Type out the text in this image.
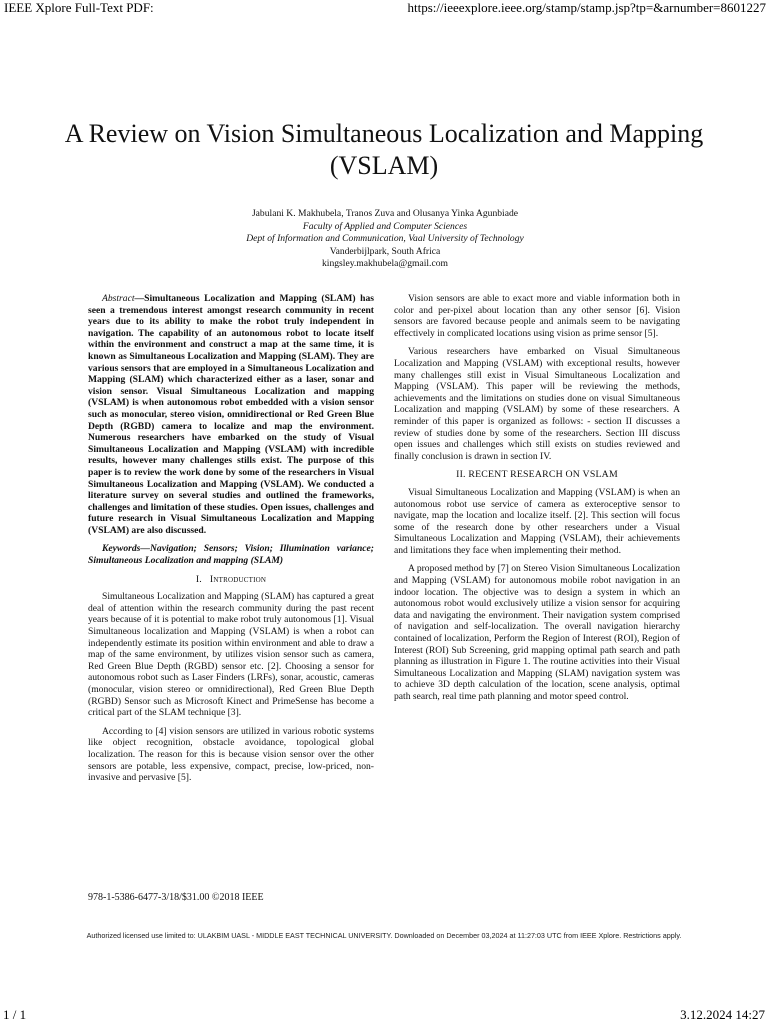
IEEE Xplore Full-Text PDF:	https://ieeexplore.ieee.org/stamp/stamp.jsp?tp=&arnumber=8601227
A Review on Vision Simultaneous Localization and Mapping (VSLAM)
Jabulani K. Makhubela, Tranos Zuva and Olusanya Yinka Agunbiade
Faculty of Applied and Computer Sciences
Dept of Information and Communication, Vaal University of Technology
Vanderbijlpark, South Africa
kingsley.makhubela@gmail.com

Abstract—Simultaneous Localization and Mapping (SLAM) has seen a tremendous interest amongst research community in recent years due to its ability to make the robot truly independent in navigation. The capability of an autonomous robot to locate itself within the environment and construct a map at the same time, it is known as Simultaneous Localization and Mapping (SLAM). They are various sensors that are employed in a Simultaneous Localization and Mapping (SLAM) which characterized either as a laser, sonar and vision sensor. Visual Simultaneous Localization and mapping (VSLAM) is when autonomous robot embedded with a vision sensor such as monocular, stereo vision, omnidirectional or Red Green Blue Depth (RGBD) camera to localize and map the environment. Numerous researchers have embarked on the study of Visual Simultaneous Localization and Mapping (VSLAM) with incredible results, however many challenges stills exist. The purpose of this paper is to review the work done by some of the researchers in Visual Simultaneous Localization and Mapping (VSLAM). We conducted a literature survey on several studies and outlined the frameworks, challenges and limitation of these studies. Open issues, challenges and future research in Visual Simultaneous Localization and Mapping (VSLAM) are also discussed.

Keywords—Navigation; Sensors; Vision; Illumination variance; Simultaneous Localization and mapping (SLAM)

I. Introduction

Simultaneous Localization and Mapping (SLAM) has captured a great deal of attention within the research community during the past recent years because of it is potential to make robot truly autonomous [1]. Visual Simultaneous localization and Mapping (VSLAM) is when a robot can independently estimate its position within environment and able to draw a map of the same environment, by utilizes vision sensor such as camera, Red Green Blue Depth (RGBD) sensor etc. [2]. Choosing a sensor for autonomous robot such as Laser Finders (LRFs), sonar, acoustic, cameras (monocular, vision stereo or omnidirectional), Red Green Blue Depth (RGBD) Sensor such as Microsoft Kinect and PrimeSense has become a critical part of the SLAM technique [3].

According to [4] vision sensors are utilized in various robotic systems like object recognition, obstacle avoidance, topological global localization. The reason for this is because vision sensor over the other sensors are potable, less expensive, compact, precise, low-priced, non-invasive and pervasive [5].

Vision sensors are able to exact more and viable information both in color and per-pixel about location than any other sensor [6]. Vision sensors are favored because people and animals seem to be navigating effectively in complicated locations using vision as prime sensor [5].

Various researchers have embarked on Visual Simultaneous Localization and Mapping (VSLAM) with exceptional results, however many challenges still exist in Visual Simultaneous Localization and Mapping (VSLAM). This paper will be reviewing the methods, achievements and the limitations on studies done on visual Simultaneous Localization and mapping (VSLAM) by some of these researchers. A reminder of this paper is organized as follows: - section II discusses a review of studies done by some of the researchers. Section III discuss open issues and challenges which still exists on studies reviewed and finally conclusion is drawn in section IV.

II. RECENT RESEARCH ON VSLAM

Visual Simultaneous Localization and Mapping (VSLAM) is when an autonomous robot use service of camera as exteroceptive sensor to navigate, map the location and localize itself. [2]. This section will focus some of the research done by other researchers under a Visual Simultaneous Localization and Mapping (VSLAM), their achievements and limitations they face when implementing their method.

A proposed method by [7] on Stereo Vision Simultaneous Localization and Mapping (VSLAM) for autonomous mobile robot navigation in an indoor location. The objective was to design a system in which an autonomous robot would exclusively utilize a vision sensor for acquiring data and navigating the environment. Their navigation system comprised of navigation and self-localization. The overall navigation hierarchy contained of localization, Perform the Region of Interest (ROI), Region of Interest (ROI) Sub Screening, grid mapping optimal path search and path planning as illustration in Figure 1. The routine activities into their Visual Simultaneous Localization and Mapping (SLAM) navigation system was to achieve 3D depth calculation of the location, scene analysis, optimal path search, real time path planning and motor speed control.

978-1-5386-6477-3/18/$31.00 ©2018 IEEE
Authorized licensed use limited to: ULAKBIM UASL - MIDDLE EAST TECHNICAL UNIVERSITY. Downloaded on December 03,2024 at 11:27:03 UTC from IEEE Xplore. Restrictions apply.
1 / 1	3.12.2024 14:27
